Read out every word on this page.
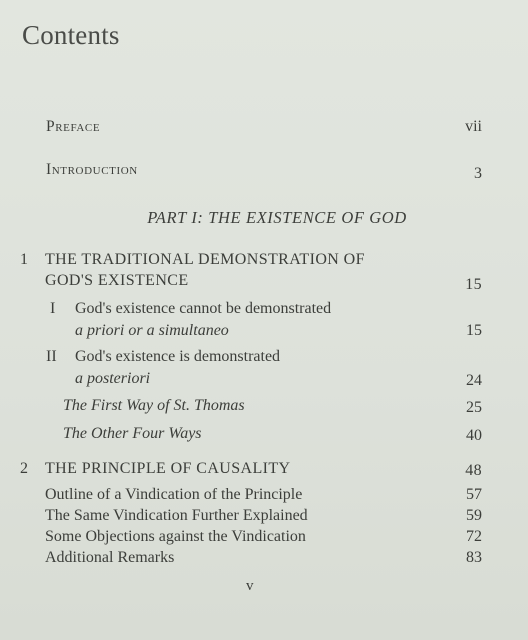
Contents
Preface	vii
Introduction	3
PART I: THE EXISTENCE OF GOD
1 THE TRADITIONAL DEMONSTRATION OF
GOD'S EXISTENCE	15
I God's existence cannot be demonstrated
a priori or a simultaneo	15
II God's existence is demonstrated
a posteriori	24
The First Way of St. Thomas	25
The Other Four Ways	40
2 THE PRINCIPLE OF CAUSALITY	48
Outline of a Vindication of the Principle	57
The Same Vindication Further Explained	59
Some Objections against the Vindication	72
Additional Remarks	83
v
